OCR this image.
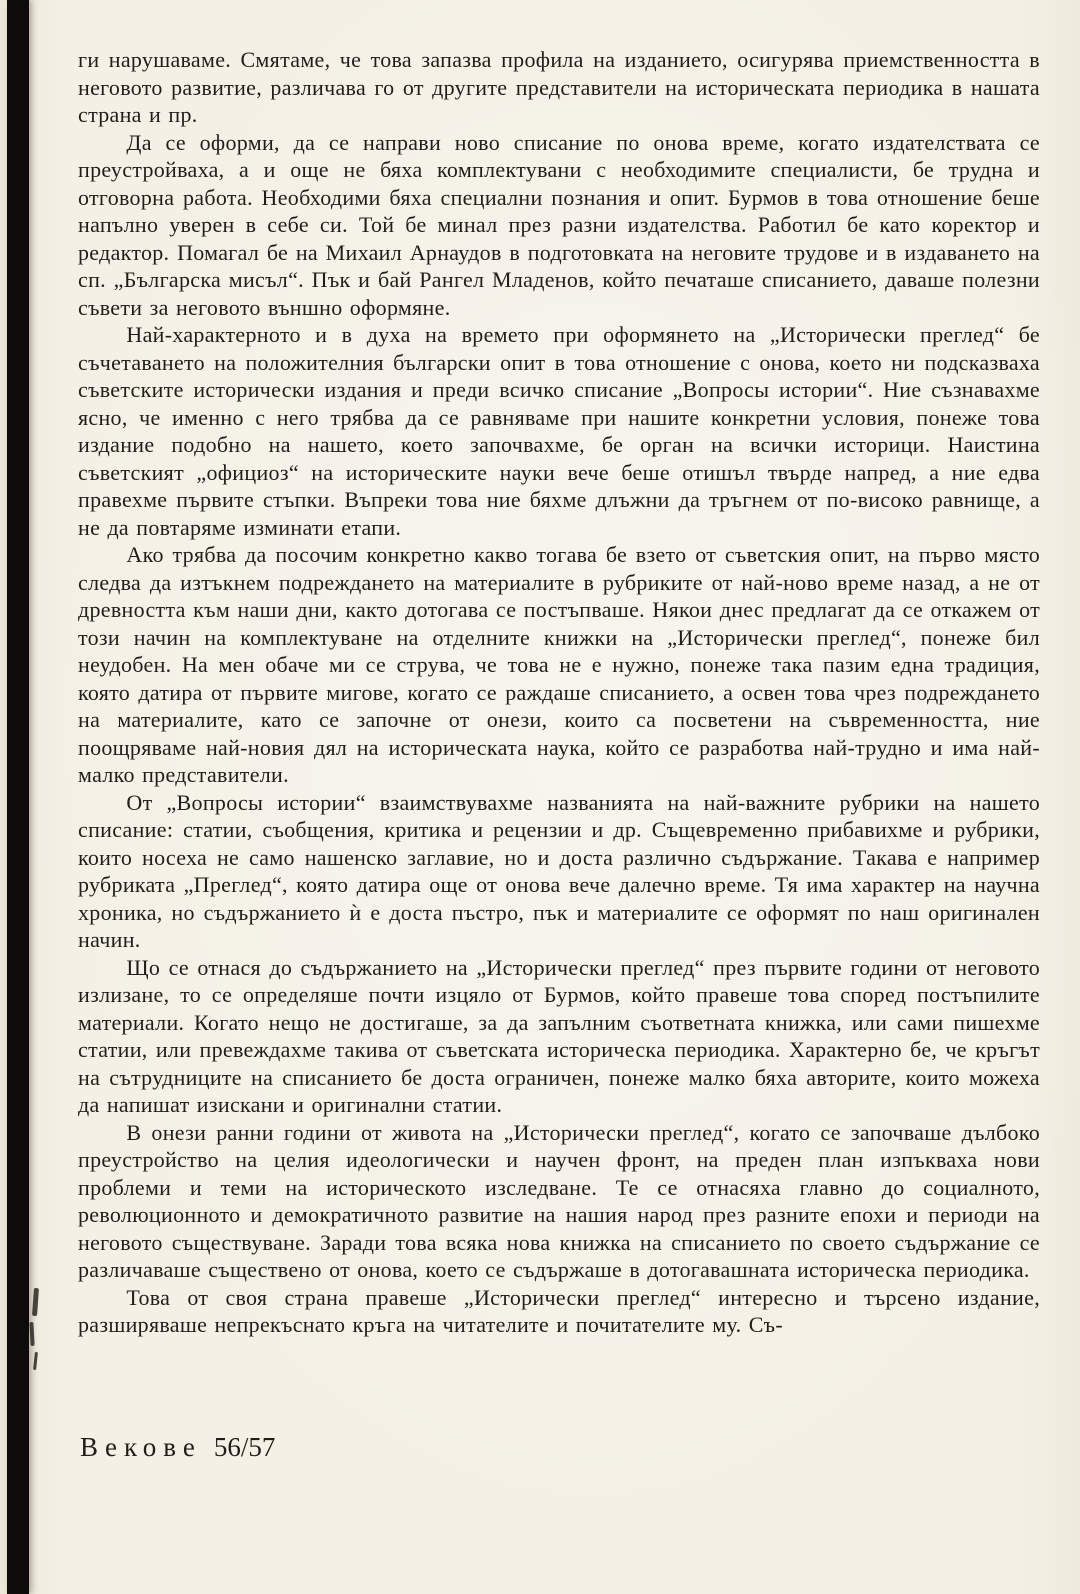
ги нарушаваме. Смятаме, че това запазва профила на изданието, осигурява приемственността в неговото развитие, различава го от другите представители на историческата периодика в нашата страна и пр.

Да се оформи, да се направи ново списание по онова време, когато издателствата се преустройваха, а и още не бяха комплектувани с необходимите специалисти, бе трудна и отговорна работа. Необходими бяха специални познания и опит. Бурмов в това отношение беше напълно уверен в себе си. Той бе минал през разни издателства. Работил бе като коректор и редактор. Помагал бе на Михаил Арнаудов в подготовката на неговите трудове и в издаването на сп. „Българска мисъл“. Пък и бай Рангел Младенов, който печаташе списанието, даваше полезни съвети за неговото външно оформяне.

Най-характерното и в духа на времето при оформянето на „Исторически преглед“ бе съчетаването на положителния български опит в това отношение с онова, което ни подсказваха съветските исторически издания и преди всичко списание „Вопросы истории“. Ние съзнавахме ясно, че именно с него трябва да се равняваме при нашите конкретни условия, понеже това издание подобно на нашето, което започвахме, бе орган на всички историци. Наистина съветският „официоз“ на историческите науки вече беше отишъл твърде напред, а ние едва правехме първите стъпки. Въпреки това ние бяхме длъжни да тръгнем от по-високо равнище, а не да повтаряме изминати етапи.

Ако трябва да посочим конкретно какво тогава бе взето от съветския опит, на първо място следва да изтъкнем подреждането на материалите в рубриките от най-ново време назад, а не от древността към наши дни, както дотогава се постъпваше. Някои днес предлагат да се откажем от този начин на комплектуване на отделните книжки на „Исторически преглед“, понеже бил неудобен. На мен обаче ми се струва, че това не е нужно, понеже така пазим една традиция, която датира от първите мигове, когато се раждаше списанието, а освен това чрез подреждането на материалите, като се започне от онези, които са посветени на съвременността, ние поощряваме най-новия дял на историческата наука, който се разработва най-трудно и има най-малко представители.

От „Вопросы истории“ взаимствувахме названията на най-важните рубрики на нашето списание: статии, съобщения, критика и рецензии и др. Същевременно прибавихме и рубрики, които носеха не само нашенско заглавие, но и доста различно съдържание. Такава е например рубриката „Преглед“, която датира още от онова вече далечно време. Тя има характер на научна хроника, но съдържанието ѝ е доста пъстро, пък и материалите се оформят по наш оригинален начин.

Що се отнася до съдържанието на „Исторически преглед“ през първите години от неговото излизане, то се определяше почти изцяло от Бурмов, който правеше това според постъпилите материали. Когато нещо не достигаше, за да запълним съответната книжка, или сами пишехме статии, или превеждахме такива от съветската историческа периодика. Характерно бе, че кръгът на сътрудниците на списанието бе доста ограничен, понеже малко бяха авторите, които можеха да напишат изискани и оригинални статии.

В онези ранни години от живота на „Исторически преглед“, когато се започваше дълбоко преустройство на целия идеологически и научен фронт, на преден план изпъкваха нови проблеми и теми на историческото изследване. Те се отнасяха главно до социалното, революционното и демократичното развитие на нашия народ през разните епохи и периоди на неговото съществуване. Заради това всяка нова книжка на списанието по своето съдържание се различаваше съществено от онова, което се съдържаше в дотогавашната историческа периодика.

Това от своя страна правеше „Исторически преглед“ интересно и търсено издание, разширяваше непрекъснато кръга на читателите и почитателите му. Съ-

Векове 56/57
